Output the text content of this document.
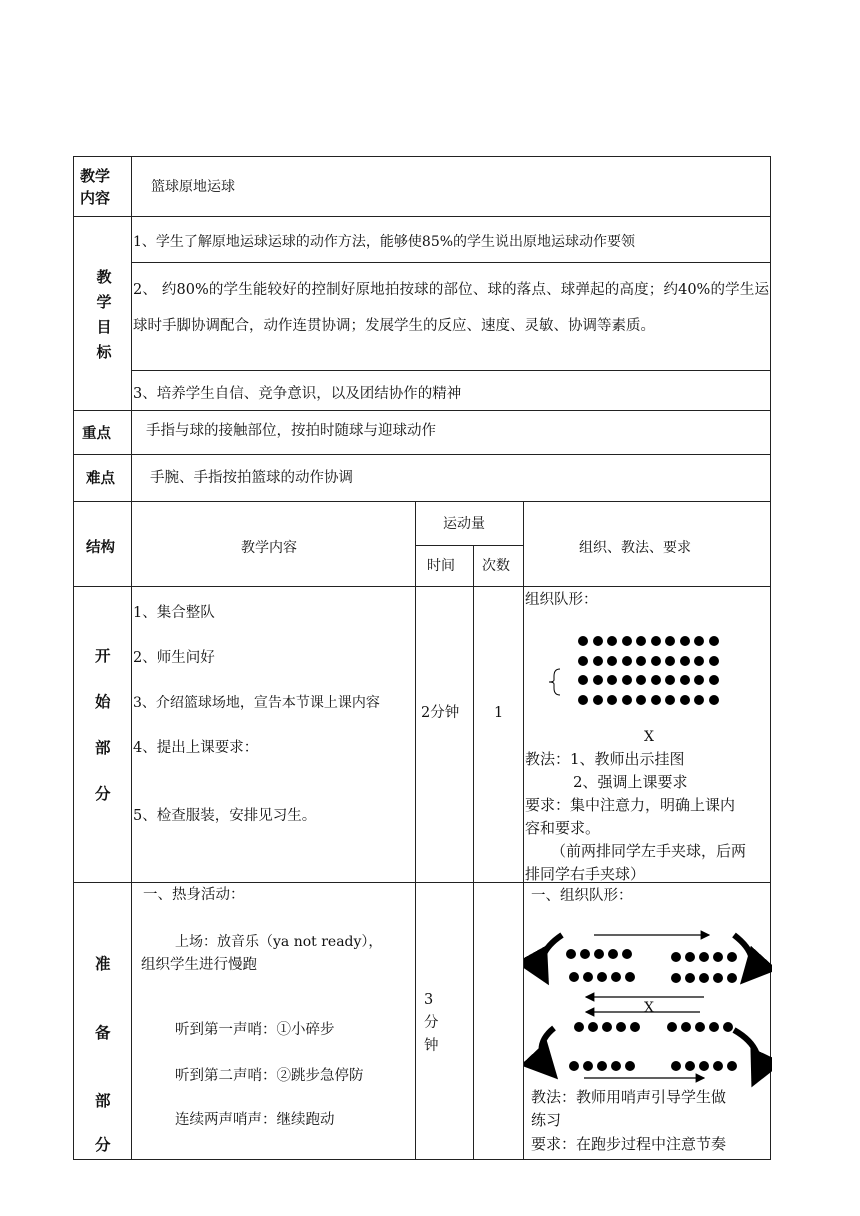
教学内容
篮球原地运球
教
学
目
标
1、学生了解原地运球运球的动作方法，能够使85%的学生说出原地运球动作要领
2、 约80%的学生能较好的控制好原地拍按球的部位、球的落点、球弹起的高度；约40%的学生运球时手脚协调配合，动作连贯协调；发展学生的反应、速度、灵敏、协调等素质。
3、培养学生自信、竞争意识，以及团结协作的精神
重点 手指与球的接触部位，按拍时随球与迎球动作
难点 手腕、手指按拍篮球的动作协调
结构	教学内容
运动量
时间 次数
组织、教法、要求
开
始
部
分
1、集合整队
2、师生问好
3、介绍篮球场地，宣告本节课上课内容
4、提出上课要求：
5、检查服装，安排见习生。
2分钟 1
组织队形：
X
教法：1、教师出示挂图
2、强调上课要求
要求：集中注意力，明确上课内
容和要求。
（前两排同学左手夹球，后两
排同学右手夹球）
准
备
部
分
一、热身活动：
上场：放音乐（ya not ready），
组织学生进行慢跑
听到第一声哨：①小碎步
听到第二声哨：②跳步急停防
连续两声哨声：继续跑动
3
分
钟
一、组织队形：
X
教法：教师用哨声引导学生做
练习
要求：在跑步过程中注意节奏
